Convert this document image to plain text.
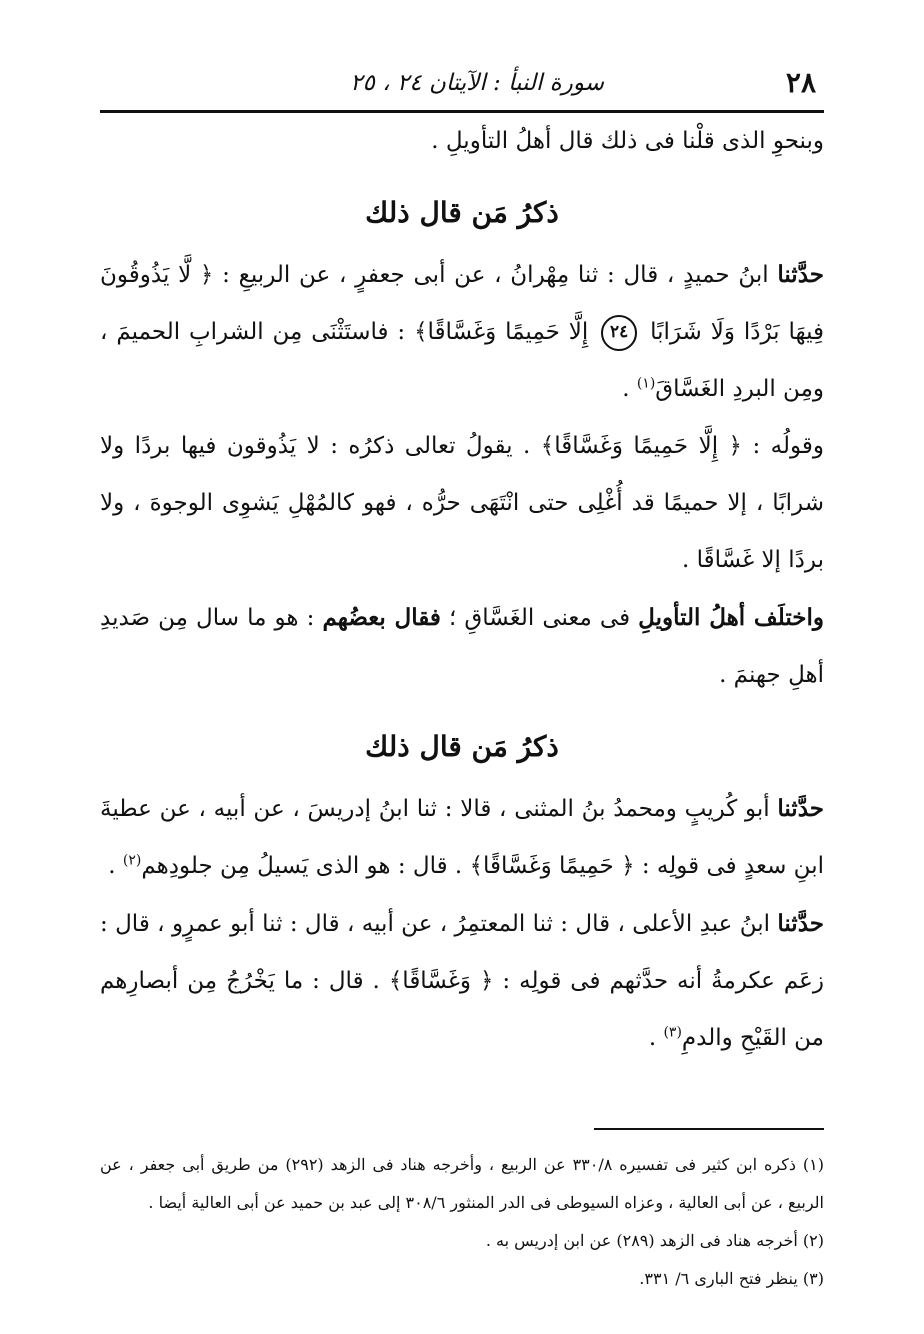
٢٨
سورة النبأ : الآيتان ٢٤ ، ٢٥

وبنحوِ الذى قلْنا فى ذلك قال أهلُ التأويلِ .

ذكرُ مَن قال ذلك

حدَّثنا ابنُ حميدٍ ، قال : ثنا مِهْرانُ ، عن أبى جعفرٍ ، عن الربيعِ : ﴿ لَّا يَذُوقُونَ فِيهَا بَرْدًا وَلَا شَرَابًا ٢٤ إِلَّا حَمِيمًا وَغَسَّاقًا﴾ : فاستَثْنَى مِن الشرابِ الحميمَ ، ومِن البردِ الغَسَّاقَ$^{(١)}$ .

وقولُه : ﴿ إِلَّا حَمِيمًا وَغَسَّاقًا﴾ . يقولُ تعالى ذكرُه : لا يَذُوقون فيها بردًا ولا شرابًا ، إلا حميمًا قد أُغْلِى حتى انْتَهَى حرُّه ، فهو كالمُهْلِ يَشوِى الوجوهَ ، ولا بردًا إلا غَسَّاقًا .

واختلَف أهلُ التأويلِ فى معنى الغَسَّاقِ ؛ فقال بعضُهم : هو ما سال مِن صَديدِ أهلِ جهنمَ .

ذكرُ مَن قال ذلك

حدَّثنا أبو كُريبٍ ومحمدُ بنُ المثنى ، قالا : ثنا ابنُ إدريسَ ، عن أبيه ، عن عطيةَ ابنِ سعدٍ فى قولِه : ﴿ حَمِيمًا وَغَسَّاقًا﴾ . قال : هو الذى يَسيلُ مِن جلودِهم$^{(٢)}$ .

حدَّثنا ابنُ عبدِ الأعلى ، قال : ثنا المعتمِرُ ، عن أبيه ، قال : ثنا أبو عمرٍو ، قال : زعَم عكرمةُ أنه حدَّثهم فى قولِه : ﴿ وَغَسَّاقًا﴾ . قال : ما يَخْرُجُ مِن أبصارِهم من القَيْحِ والدمِ$^{(٣)}$ .

(١) ذكره ابن كثير فى تفسيره ٣٣٠/٨ عن الربيع ، وأخرجه هناد فى الزهد (٢٩٢) من طريق أبى جعفر ، عن الربيع ، عن أبى العالية ، وعزاه السيوطى فى الدر المنثور ٣٠٨/٦ إلى عبد بن حميد عن أبى العالية أيضا .

(٢) أخرجه هناد فى الزهد (٢٨٩) عن ابن إدريس به .

(٣) ينظر فتح البارى ٦/ ٣٣١.
